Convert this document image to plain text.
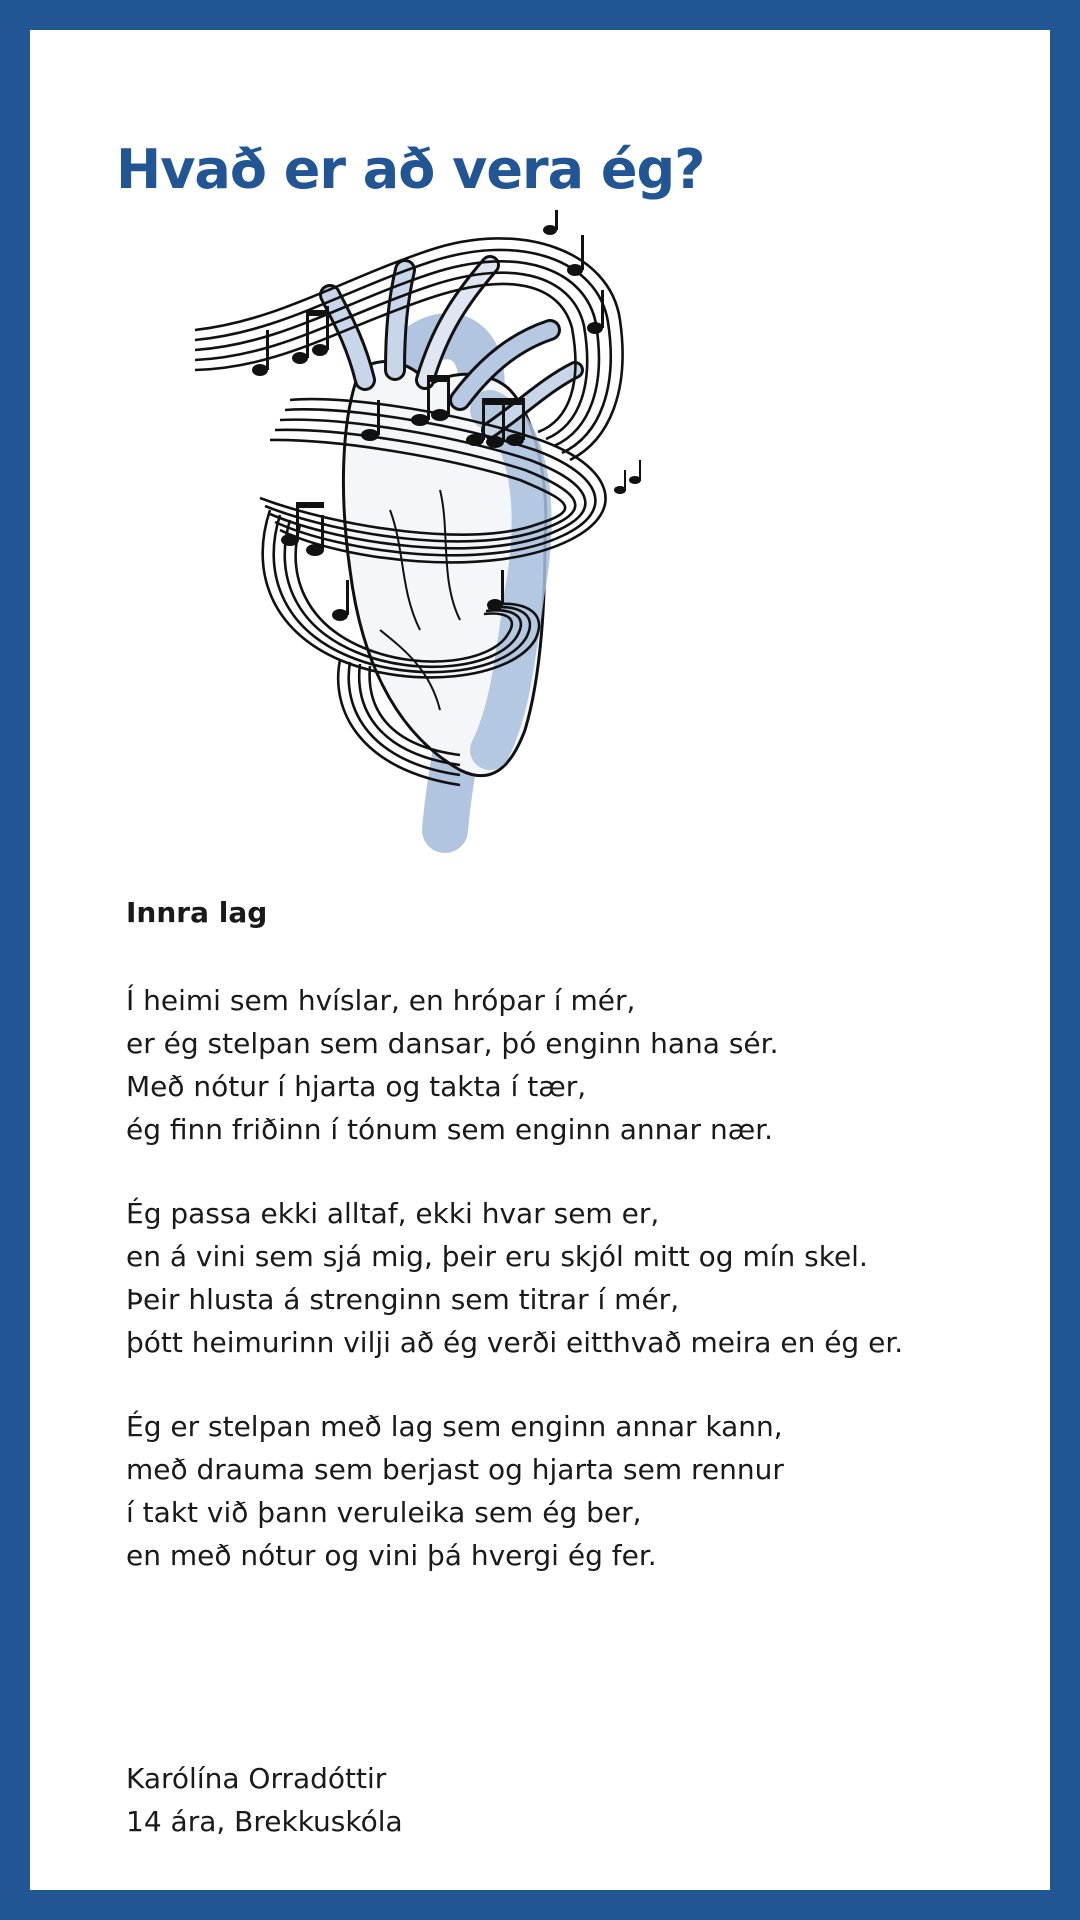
Hvað er að vera ég?
Innra lag

Í heimi sem hvíslar, en hrópar í mér,
er ég stelpan sem dansar, þó enginn hana sér.
Með nótur í hjarta og takta í tær,
ég finn friðinn í tónum sem enginn annar nær.

Ég passa ekki alltaf, ekki hvar sem er,
en á vini sem sjá mig, þeir eru skjól mitt og mín skel.
Þeir hlusta á strenginn sem titrar í mér,
þótt heimurinn vilji að ég verði eitthvað meira en ég er.

Ég er stelpan með lag sem enginn annar kann,
með drauma sem berjast og hjarta sem rennur
í takt við þann veruleika sem ég ber,
en með nótur og vini þá hvergi ég fer.

Karólína Orradóttir
14 ára, Brekkuskóla
